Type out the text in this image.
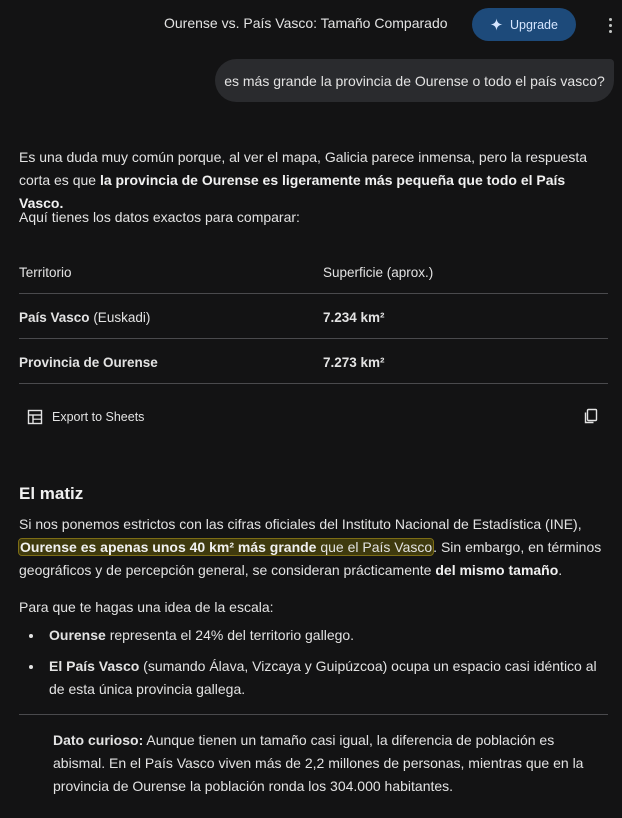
Ourense vs. País Vasco: Tamaño Comparado	Upgrade
es más grande la provincia de Ourense o todo el país vasco?
Es una duda muy común porque, al ver el mapa, Galicia parece inmensa, pero la respuesta corta es que la provincia de Ourense es ligeramente más pequeña que todo el País Vasco.
Aquí tienes los datos exactos para comparar:
Territorio	Superficie (aprox.)
País Vasco (Euskadi)	7.234 km²
Provincia de Ourense	7.273 km²
Export to Sheets
El matiz
Si nos ponemos estrictos con las cifras oficiales del Instituto Nacional de Estadística (INE), Ourense es apenas unos 40 km² más grande que el País Vasco. Sin embargo, en términos geográficos y de percepción general, se consideran prácticamente del mismo tamaño.
Para que te hagas una idea de la escala:
Ourense representa el 24% del territorio gallego.
El País Vasco (sumando Álava, Vizcaya y Guipúzcoa) ocupa un espacio casi idéntico al de esta única provincia gallega.
Dato curioso: Aunque tienen un tamaño casi igual, la diferencia de población es abismal. En el País Vasco viven más de 2,2 millones de personas, mientras que en la provincia de Ourense la población ronda los 304.000 habitantes.
